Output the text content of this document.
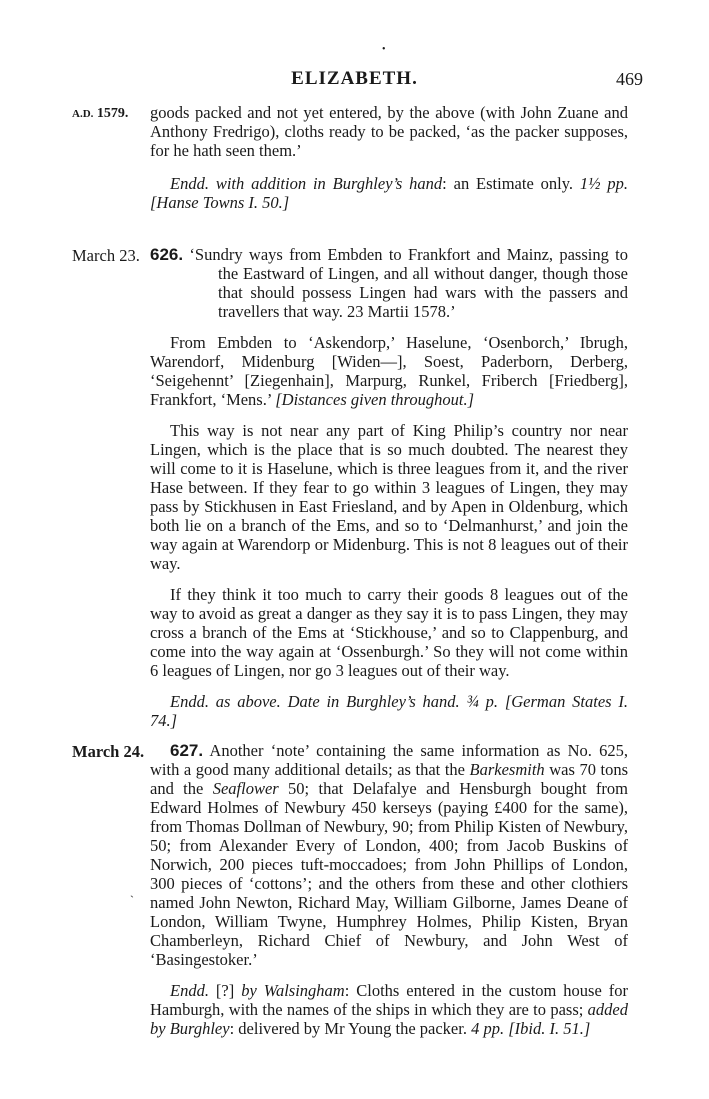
•
ELIZABETH.	469
A.D. 1579. goods packed and not yet entered, by the above (with John Zuane and Anthony Fredrigo), cloths ready to be packed, ‘as the packer supposes, for he hath seen them.’

Endd. with addition in Burghley’s hand: an Estimate only. 1½ pp. [Hanse Towns I. 50.]

March 23. 626. ‘Sundry ways from Embden to Frankfort and Mainz, passing to the Eastward of Lingen, and all without danger, though those that should possess Lingen had wars with the passers and travellers that way. 23 Martii 1578.’

From Embden to ‘Askendorp,’ Haselune, ‘Osenborch,’ Ibrugh, Warendorf, Midenburg [Widen—], Soest, Paderborn, Derberg, ‘Seigehennt’ [Ziegenhain], Marpurg, Runkel, Friberch [Friedberg], Frankfort, ‘Mens.’ [Distances given throughout.]

This way is not near any part of King Philip’s country nor near Lingen, which is the place that is so much doubted. The nearest they will come to it is Haselune, which is three leagues from it, and the river Hase between. If they fear to go within 3 leagues of Lingen, they may pass by Stickhusen in East Friesland, and by Apen in Oldenburg, which both lie on a branch of the Ems, and so to ‘Delmanhurst,’ and join the way again at Warendorp or Midenburg. This is not 8 leagues out of their way.

If they think it too much to carry their goods 8 leagues out of the way to avoid as great a danger as they say it is to pass Lingen, they may cross a branch of the Ems at ‘Stickhouse,’ and so to Clappenburg, and come into the way again at ‘Ossenburgh.’ So they will not come within 6 leagues of Lingen, nor go 3 leagues out of their way.

Endd. as above. Date in Burghley’s hand. ¾ p. [German States I. 74.]

March 24.	627. Another ‘note’ containing the same information as No. 625, with a good many additional details; as that the Barkesmith was 70 tons and the Seaflower 50; that Delafalye and Hensburgh bought from Edward Holmes of Newbury 450 kerseys (paying £400 for the same), from Thomas Dollman of Newbury, 90; from Philip Kisten of Newbury, 50; from Alexander Every of London, 400; from Jacob Buskins of Norwich, 200 pieces tuft-moccadoes; from John Phillips of London, 300 pieces of ‘cottons’; and the others from these and other clothiers named John Newton, Richard May, William Gilborne, James Deane of London, William Twyne, Humphrey Holmes, Philip Kisten, Bryan Chamberleyn, Richard Chief of Newbury, and John West of ‘Basingestoker.’

Endd. [?] by Walsingham: Cloths entered in the custom house for Hamburgh, with the names of the ships in which they are to pass; added by Burghley: delivered by Mr Young the packer. 4 pp. [Ibid. I. 51.]

`
